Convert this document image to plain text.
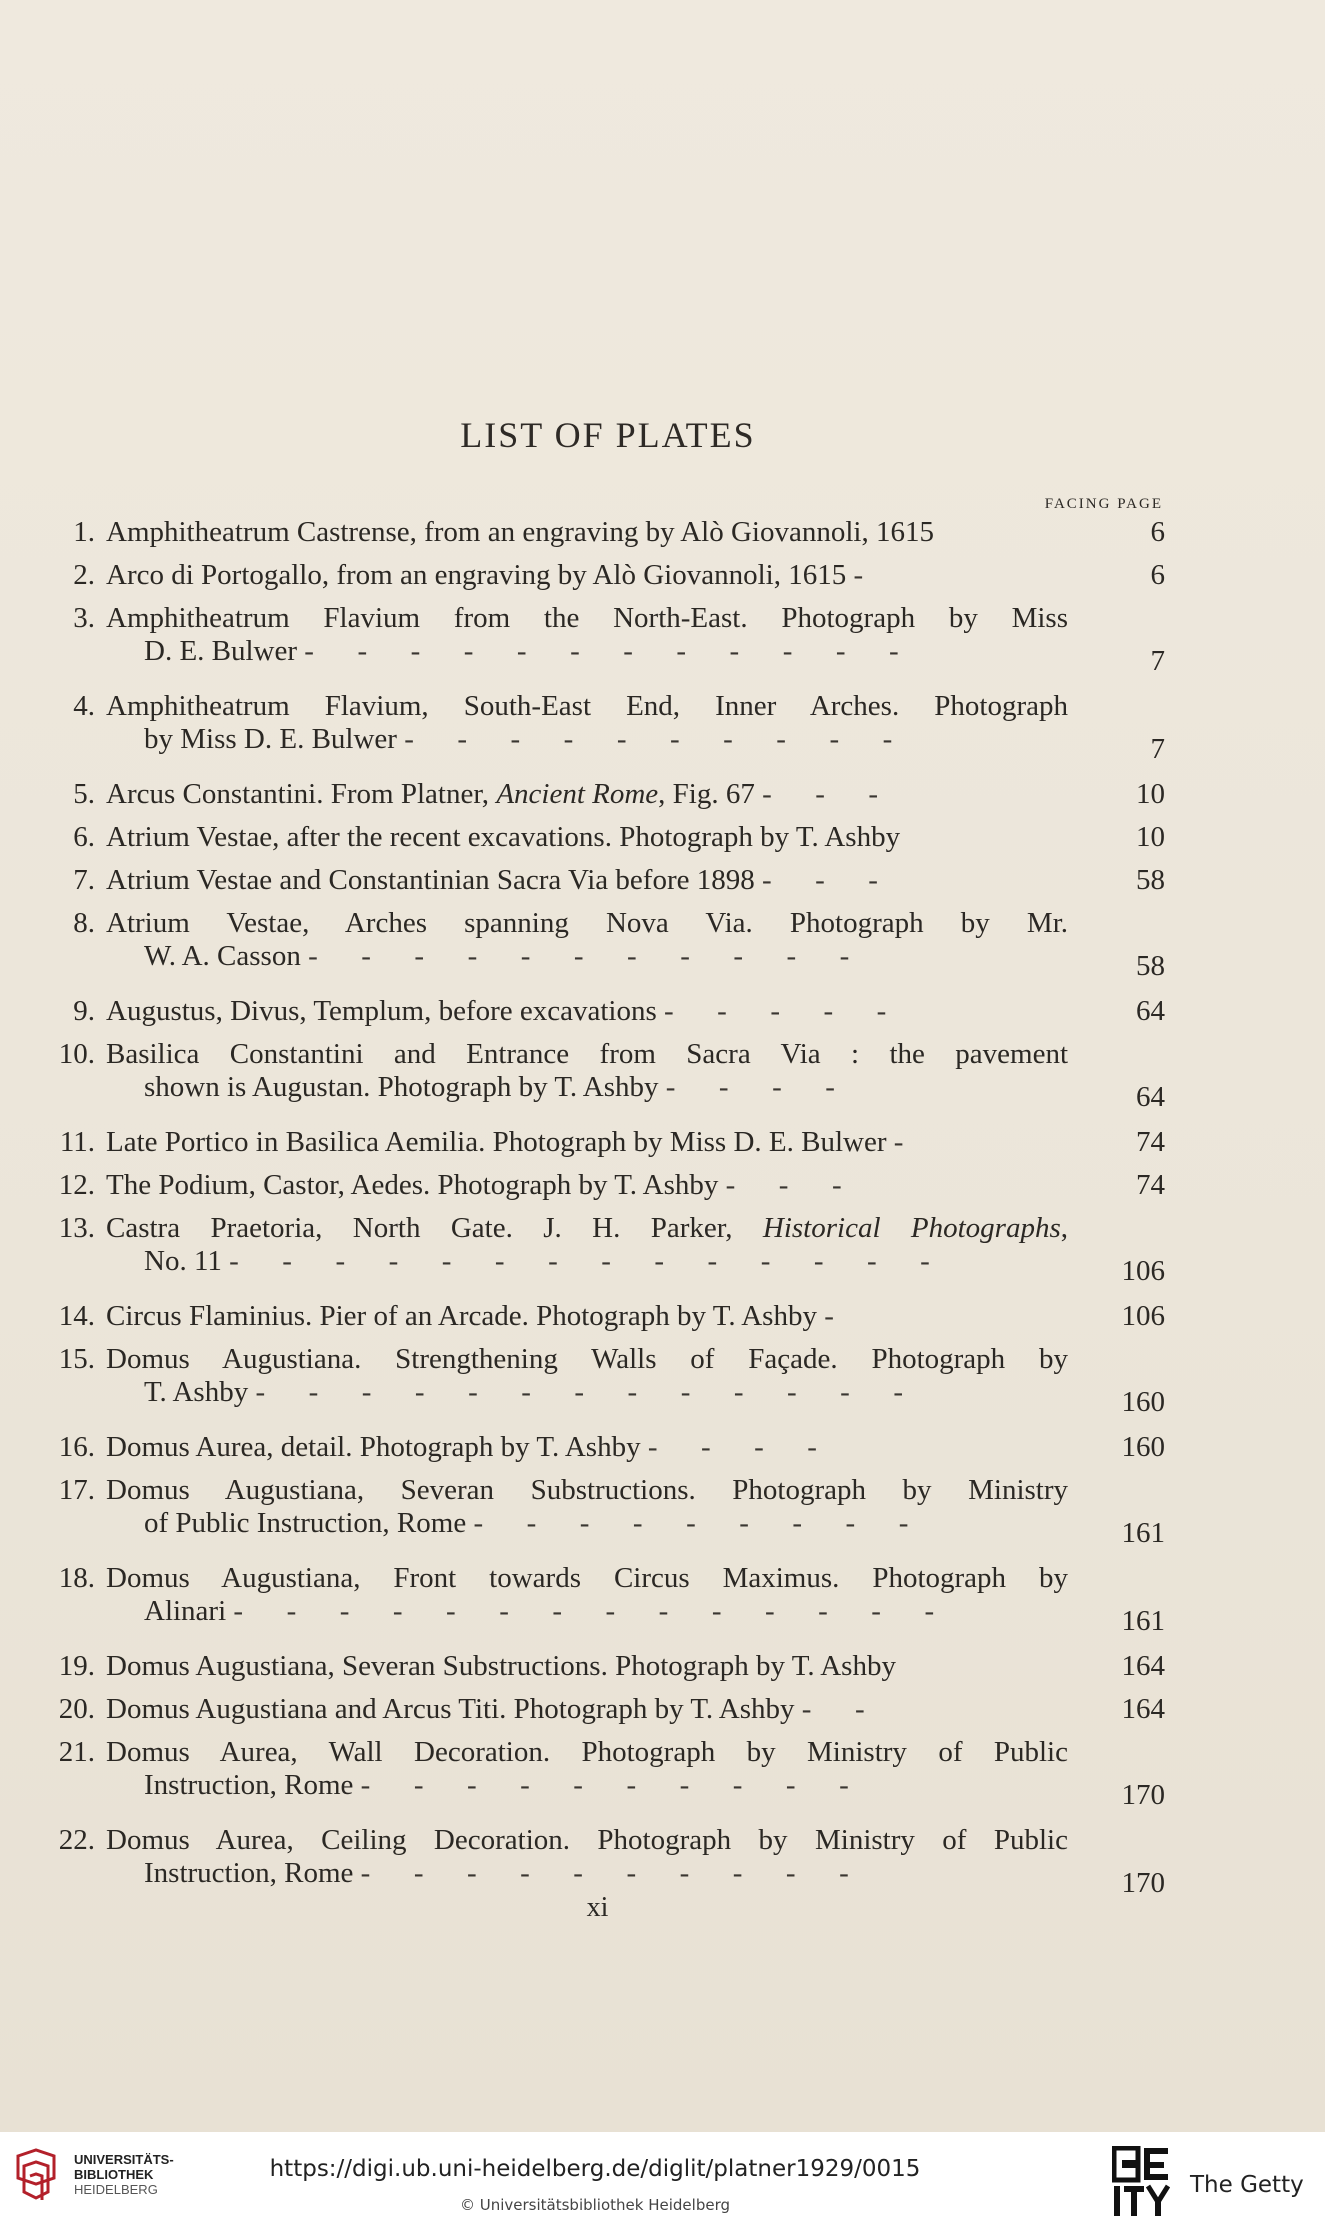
LIST OF PLATES
FACING PAGE
1. Amphitheatrum Castrense, from an engraving by Alò Giovannoli, 1615	6
2. Arco di Portogallo, from an engraving by Alò Giovannoli, 1615 -	6
3. Amphitheatrum Flavium from the North-East. Photograph by Miss
D. E. Bulwer -  -  -  -  -  -  -  -  -  -  -  -	7
4. Amphitheatrum Flavium, South-East End, Inner Arches. Photograph
by Miss D. E. Bulwer -  -  -  -  -  -  -  -  -  -	7
5. Arcus Constantini. From Platner, Ancient Rome, Fig. 67 -  -  -	10
6. Atrium Vestae, after the recent excavations. Photograph by T. Ashby	10
7. Atrium Vestae and Constantinian Sacra Via before 1898 -  -  -	58
8. Atrium Vestae, Arches spanning Nova Via. Photograph by Mr.
W. A. Casson -  -  -  -  -  -  -  -  -  -  -	58
9. Augustus, Divus, Templum, before excavations -  -  -  -  -	64
10. Basilica Constantini and Entrance from Sacra Via : the pavement
shown is Augustan. Photograph by T. Ashby -  -  -  -	64
11. Late Portico in Basilica Aemilia. Photograph by Miss D. E. Bulwer -	74
12. The Podium, Castor, Aedes. Photograph by T. Ashby -  -  -	74
13. Castra Praetoria, North Gate. J. H. Parker, Historical Photographs,
No. 11 -  -  -  -  -  -  -  -  -  -  -  -  -  -	106
14. Circus Flaminius. Pier of an Arcade. Photograph by T. Ashby -	106
15. Domus Augustiana. Strengthening Walls of Façade. Photograph by
T. Ashby -  -  -  -  -  -  -  -  -  -  -  -  -	160
16. Domus Aurea, detail. Photograph by T. Ashby -  -  -  -	160
17. Domus Augustiana, Severan Substructions. Photograph by Ministry
of Public Instruction, Rome -  -  -  -  -  -  -  -  -	161
18. Domus Augustiana, Front towards Circus Maximus. Photograph by
Alinari -  -  -  -  -  -  -  -  -  -  -  -  -  -	161
19. Domus Augustiana, Severan Substructions. Photograph by T. Ashby	164
20. Domus Augustiana and Arcus Titi. Photograph by T. Ashby -  -	164
21. Domus Aurea, Wall Decoration. Photograph by Ministry of Public
Instruction, Rome -  -  -  -  -  -  -  -  -  -	170
22. Domus Aurea, Ceiling Decoration. Photograph by Ministry of Public
Instruction, Rome -  -  -  -  -  -  -  -  -  -	170
xi
UNIVERSITÄTS-
BIBLIOTHEK
HEIDELBERG
https://digi.ub.uni-heidelberg.de/diglit/platner1929/0015
© Universitätsbibliothek Heidelberg
The Getty
